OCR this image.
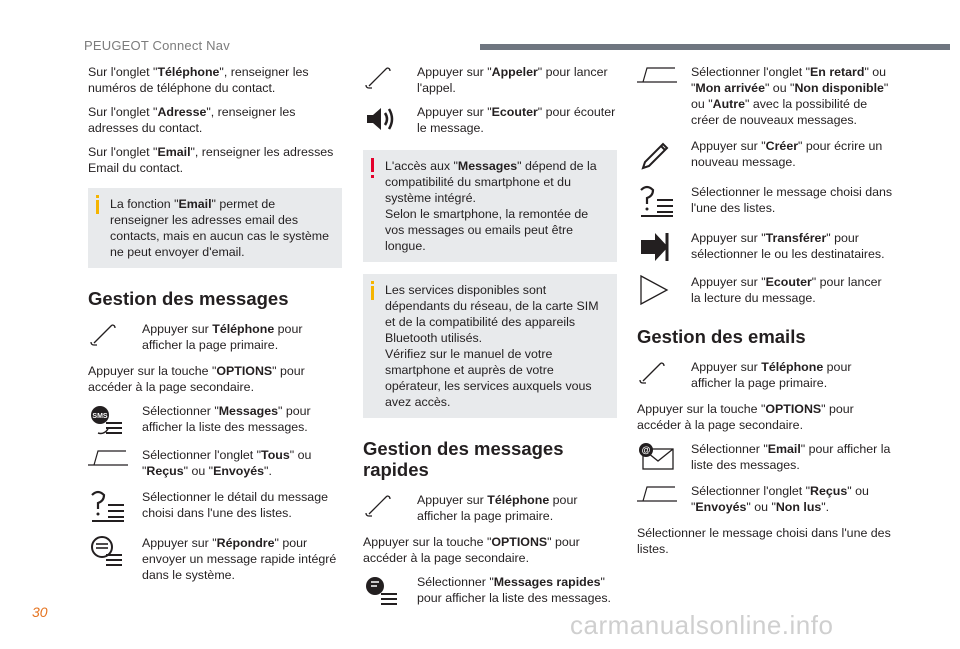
PEUGEOT Connect Nav

Sur l'onglet "Téléphone", renseigner les numéros de téléphone du contact.

Sur l'onglet "Adresse", renseigner les adresses du contact.

Sur l'onglet "Email", renseigner les adresses Email du contact.

La fonction "Email" permet de renseigner les adresses email des contacts, mais en aucun cas le système ne peut envoyer d'email.
Gestion des messages
Appuyer sur Téléphone pour afficher la page primaire.

Appuyer sur la touche "OPTIONS" pour accéder à la page secondaire.

SMS	Sélectionner "Messages" pour afficher la liste des messages.
Sélectionner l'onglet "Tous" ou "Reçus" ou "Envoyés".
Sélectionner le détail du message choisi dans l'une des listes.
Appuyer sur "Répondre" pour envoyer un message rapide intégré dans le système.
Appuyer sur "Appeler" pour lancer l'appel.
Appuyer sur "Ecouter" pour écouter le message.
L'accès aux "Messages" dépend de la compatibilité du smartphone et du système intégré.
Selon le smartphone, la remontée de vos messages ou emails peut être longue.
Les services disponibles sont dépendants du réseau, de la carte SIM et de la compatibilité des appareils Bluetooth utilisés.
Vérifiez sur le manuel de votre smartphone et auprès de votre opérateur, les services auxquels vous avez accès.
Gestion des messages rapides
Appuyer sur Téléphone pour afficher la page primaire.

Appuyer sur la touche "OPTIONS" pour accéder à la page secondaire.

Sélectionner "Messages rapides" pour afficher la liste des messages.
Sélectionner l'onglet "En retard" ou "Mon arrivée" ou "Non disponible" ou "Autre" avec la possibilité de créer de nouveaux messages.
Appuyer sur "Créer" pour écrire un nouveau message.
Sélectionner le message choisi dans l'une des listes.
Appuyer sur "Transférer" pour sélectionner le ou les destinataires.
Appuyer sur "Ecouter" pour lancer la lecture du message.
Gestion des emails
Appuyer sur Téléphone pour afficher la page primaire.

Appuyer sur la touche "OPTIONS" pour accéder à la page secondaire.

@	Sélectionner "Email" pour afficher la liste des messages.
Sélectionner l'onglet "Reçus" ou "Envoyés" ou "Non lus".

Sélectionner le message choisi dans l'une des listes.

30	carmanualsonline.info
